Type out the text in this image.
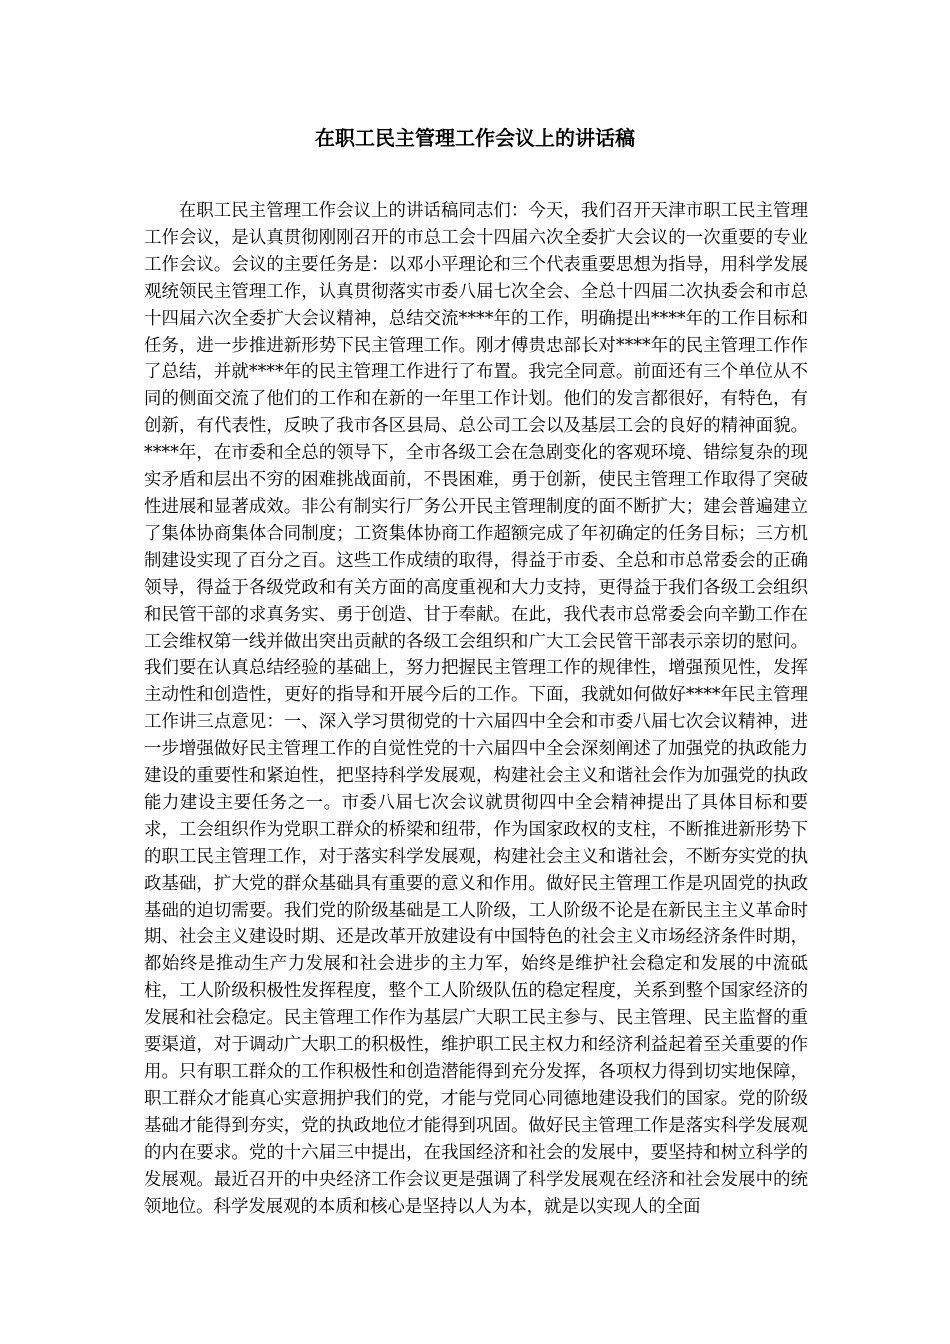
在职工民主管理工作会议上的讲话稿

在职工民主管理工作会议上的讲话稿同志们：今天，我们召开天津市职工民主管理工作会议，是认真贯彻刚刚召开的市总工会十四届六次全委扩大会议的一次重要的专业工作会议。会议的主要任务是：以邓小平理论和三个代表重要思想为指导，用科学发展观统领民主管理工作，认真贯彻落实市委八届七次全会、全总十四届二次执委会和市总十四届六次全委扩大会议精神，总结交流****年的工作，明确提出****年的工作目标和任务，进一步推进新形势下民主管理工作。刚才傅贵忠部长对****年的民主管理工作作了总结，并就****年的民主管理工作进行了布置。我完全同意。前面还有三个单位从不同的侧面交流了他们的工作和在新的一年里工作计划。他们的发言都很好，有特色，有创新，有代表性，反映了我市各区县局、总公司工会以及基层工会的良好的精神面貌。****年，在市委和全总的领导下，全市各级工会在急剧变化的客观环境、错综复杂的现实矛盾和层出不穷的困难挑战面前，不畏困难，勇于创新，使民主管理工作取得了突破性进展和显著成效。非公有制实行厂务公开民主管理制度的面不断扩大；建会普遍建立了集体协商集体合同制度；工资集体协商工作超额完成了年初确定的任务目标；三方机制建设实现了百分之百。这些工作成绩的取得，得益于市委、全总和市总常委会的正确领导，得益于各级党政和有关方面的高度重视和大力支持，更得益于我们各级工会组织和民管干部的求真务实、勇于创造、甘于奉献。在此，我代表市总常委会向辛勤工作在工会维权第一线并做出突出贡献的各级工会组织和广大工会民管干部表示亲切的慰问。我们要在认真总结经验的基础上，努力把握民主管理工作的规律性，增强预见性，发挥主动性和创造性，更好的指导和开展今后的工作。下面，我就如何做好****年民主管理工作讲三点意见：一、深入学习贯彻党的十六届四中全会和市委八届七次会议精神，进一步增强做好民主管理工作的自觉性党的十六届四中全会深刻阐述了加强党的执政能力建设的重要性和紧迫性，把坚持科学发展观，构建社会主义和谐社会作为加强党的执政能力建设主要任务之一。市委八届七次会议就贯彻四中全会精神提出了具体目标和要求，工会组织作为党职工群众的桥梁和纽带，作为国家政权的支柱，不断推进新形势下的职工民主管理工作，对于落实科学发展观，构建社会主义和谐社会，不断夯实党的执政基础，扩大党的群众基础具有重要的意义和作用。做好民主管理工作是巩固党的执政基础的迫切需要。我们党的阶级基础是工人阶级，工人阶级不论是在新民主主义革命时期、社会主义建设时期、还是改革开放建设有中国特色的社会主义市场经济条件时期，都始终是推动生产力发展和社会进步的主力军，始终是维护社会稳定和发展的中流砥柱，工人阶级积极性发挥程度，整个工人阶级队伍的稳定程度，关系到整个国家经济的发展和社会稳定。民主管理工作作为基层广大职工民主参与、民主管理、民主监督的重要渠道，对于调动广大职工的积极性，维护职工民主权力和经济利益起着至关重要的作用。只有职工群众的工作积极性和创造潜能得到充分发挥，各项权力得到切实地保障，职工群众才能真心实意拥护我们的党，才能与党同心同德地建设我们的国家。党的阶级基础才能得到夯实，党的执政地位才能得到巩固。做好民主管理工作是落实科学发展观的内在要求。党的十六届三中提出，在我国经济和社会的发展中，要坚持和树立科学的发展观。最近召开的中央经济工作会议更是强调了科学发展观在经济和社会发展中的统领地位。科学发展观的本质和核心是坚持以人为本，就是以实现人的全面
